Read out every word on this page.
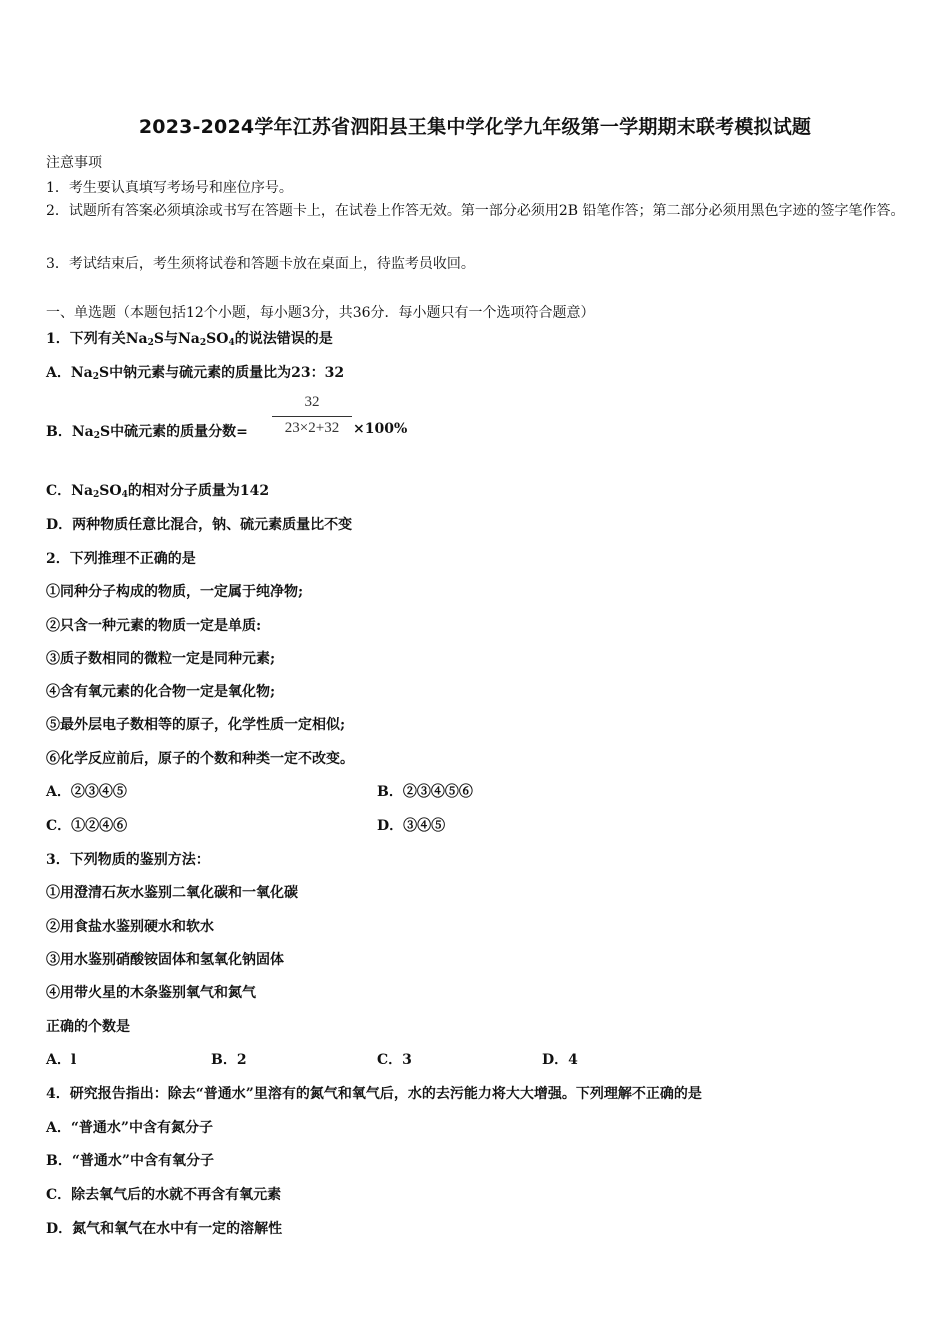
2023-2024学年江苏省泗阳县王集中学化学九年级第一学期期末联考模拟试题
注意事项
1．考生要认真填写考场号和座位序号。
2．试题所有答案必须填涂或书写在答题卡上，在试卷上作答无效。第一部分必须用2B 铅笔作答；第二部分必须用黑色字迹的签字笔作答。
3．考试结束后，考生须将试卷和答题卡放在桌面上，待监考员收回。
一、单选题（本题包括12个小题，每小题3分，共36分．每小题只有一个选项符合题意）
1．下列有关$Na_2S$与$Na_2SO_4$的说法错误的是
A．$Na_2S$中钠元素与硫元素的质量比为23：32
B．$Na_2S$中硫元素的质量分数=
32
23×2+32 ×100%
C．$Na_2SO_4$的相对分子质量为142
D．两种物质任意比混合，钠、硫元素质量比不变
2．下列推理不正确的是
①同种分子构成的物质，一定属于纯净物;
②只含一种元素的物质一定是单质:
③质子数相同的微粒一定是同种元素;
④含有氧元素的化合物一定是氧化物;
⑤最外层电子数相等的原子，化学性质一定相似;
⑥化学反应前后，原子的个数和种类一定不改变。
A．②③④⑤	B．②③④⑤⑥
C．①②④⑥	D．③④⑤
3．下列物质的鉴别方法：
①用澄清石灰水鉴别二氧化碳和一氧化碳
②用食盐水鉴别硬水和软水
③用水鉴别硝酸铵固体和氢氧化钠固体
④用带火星的木条鉴别氧气和氮气
正确的个数是
A．l	B．2	C．3	D．4
4．研究报告指出：除去“普通水”里溶有的氮气和氧气后，水的去污能力将大大增强。下列理解不正确的是
A．“普通水”中含有氮分子
B．“普通水”中含有氧分子
C．除去氧气后的水就不再含有氧元素
D．氮气和氧气在水中有一定的溶解性
